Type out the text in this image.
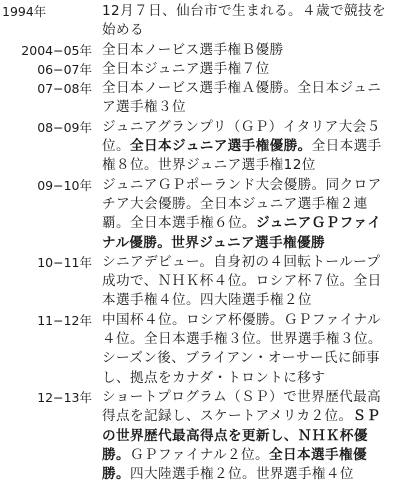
1994年	12月７日、仙台市で生まれる。４歳で競技を始める
2004−05年 全日本ノービス選手権Ｂ優勝
06−07年 全日本ジュニア選手権７位
07−08年 全日本ノービス選手権Ａ優勝。全日本ジュニア選手権３位
08−09年 ジュニアグランプリ（ＧＰ）イタリア大会５位。全日本ジュニア選手権優勝。全日本選手権８位。世界ジュニア選手権12位
09−10年 ジュニアＧＰポーランド大会優勝。同クロアチア大会優勝。全日本ジュニア選手権２連覇。全日本選手権６位。ジュニアＧＰファイナル優勝。世界ジュニア選手権優勝
10−11年 シニアデビュー。自身初の４回転トーループ成功で、ＮＨＫ杯４位。ロシア杯７位。全日本選手権４位。四大陸選手権２位
11−12年 中国杯４位。ロシア杯優勝。ＧＰファイナル４位。全日本選手権３位。世界選手権３位。シーズン後、ブライアン・オーサー氏に師事し、拠点をカナダ・トロントに移す
12−13年 ショートプログラム（ＳＰ）で世界歴代最高得点を記録し、スケートアメリカ２位。ＳＰの世界歴代最高得点を更新し、ＮＨＫ杯優勝。ＧＰファイナル２位。全日本選手権優勝。四大陸選手権２位。世界選手権４位
